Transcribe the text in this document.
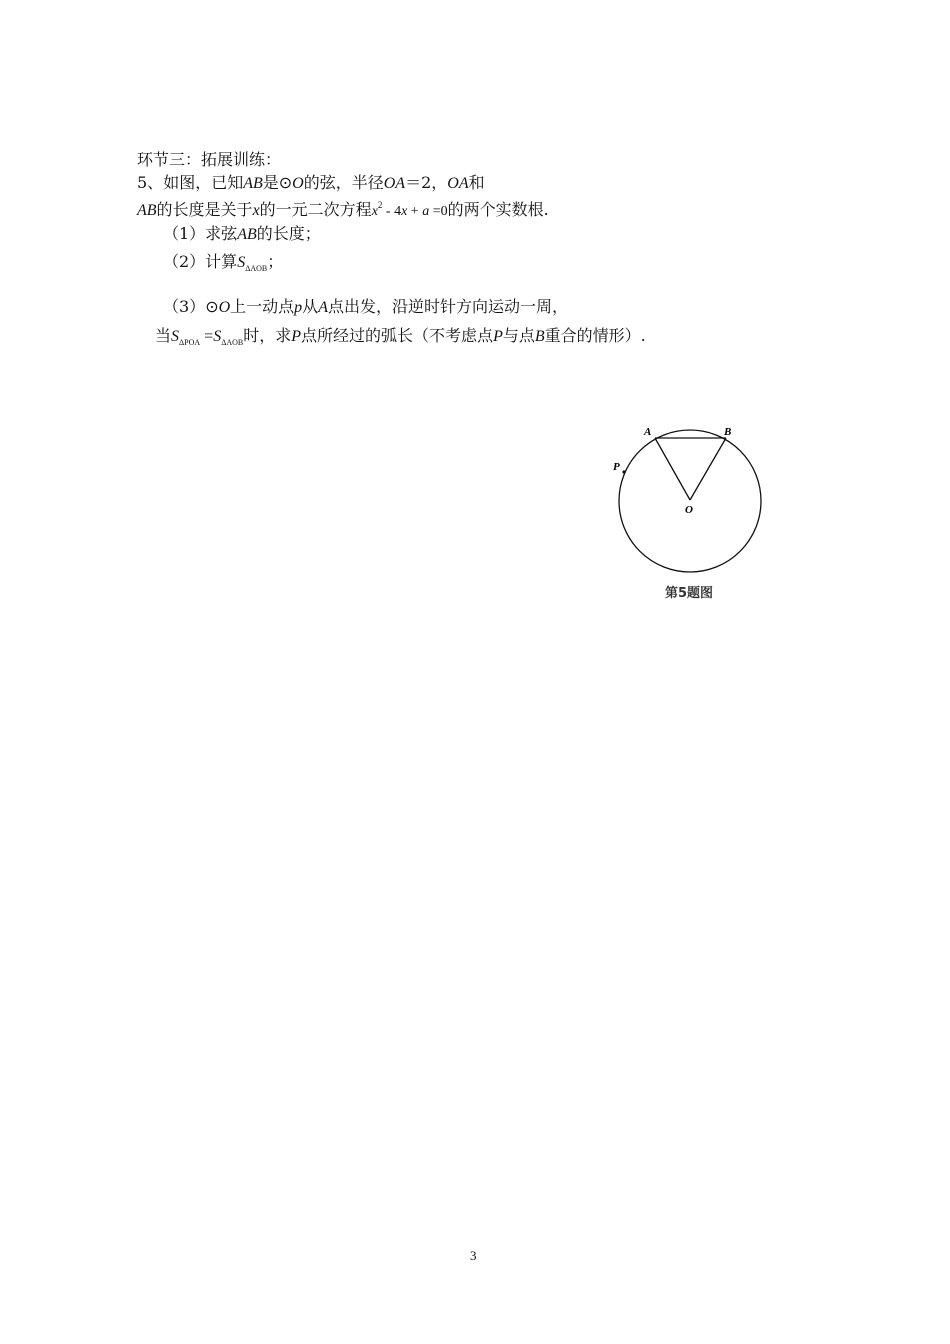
环节三：拓展训练：
5、如图，已知AB是⊙O的弦，半径OA＝2，OA和
AB的长度是关于x的一元二次方程$x^2 - 4x + a =0$的两个实数根.
（1）求弦AB的长度；
（2）计算$S_{\Delta AOB}$；
（3）⊙O上一动点p从A点出发，沿逆时针方向运动一周，
当$S_{\Delta POA} =S_{\Delta AOB}$时，求P点所经过的弧长（不考虑点P与点B重合的情形）.
A	B
P
O
第5题图
3
